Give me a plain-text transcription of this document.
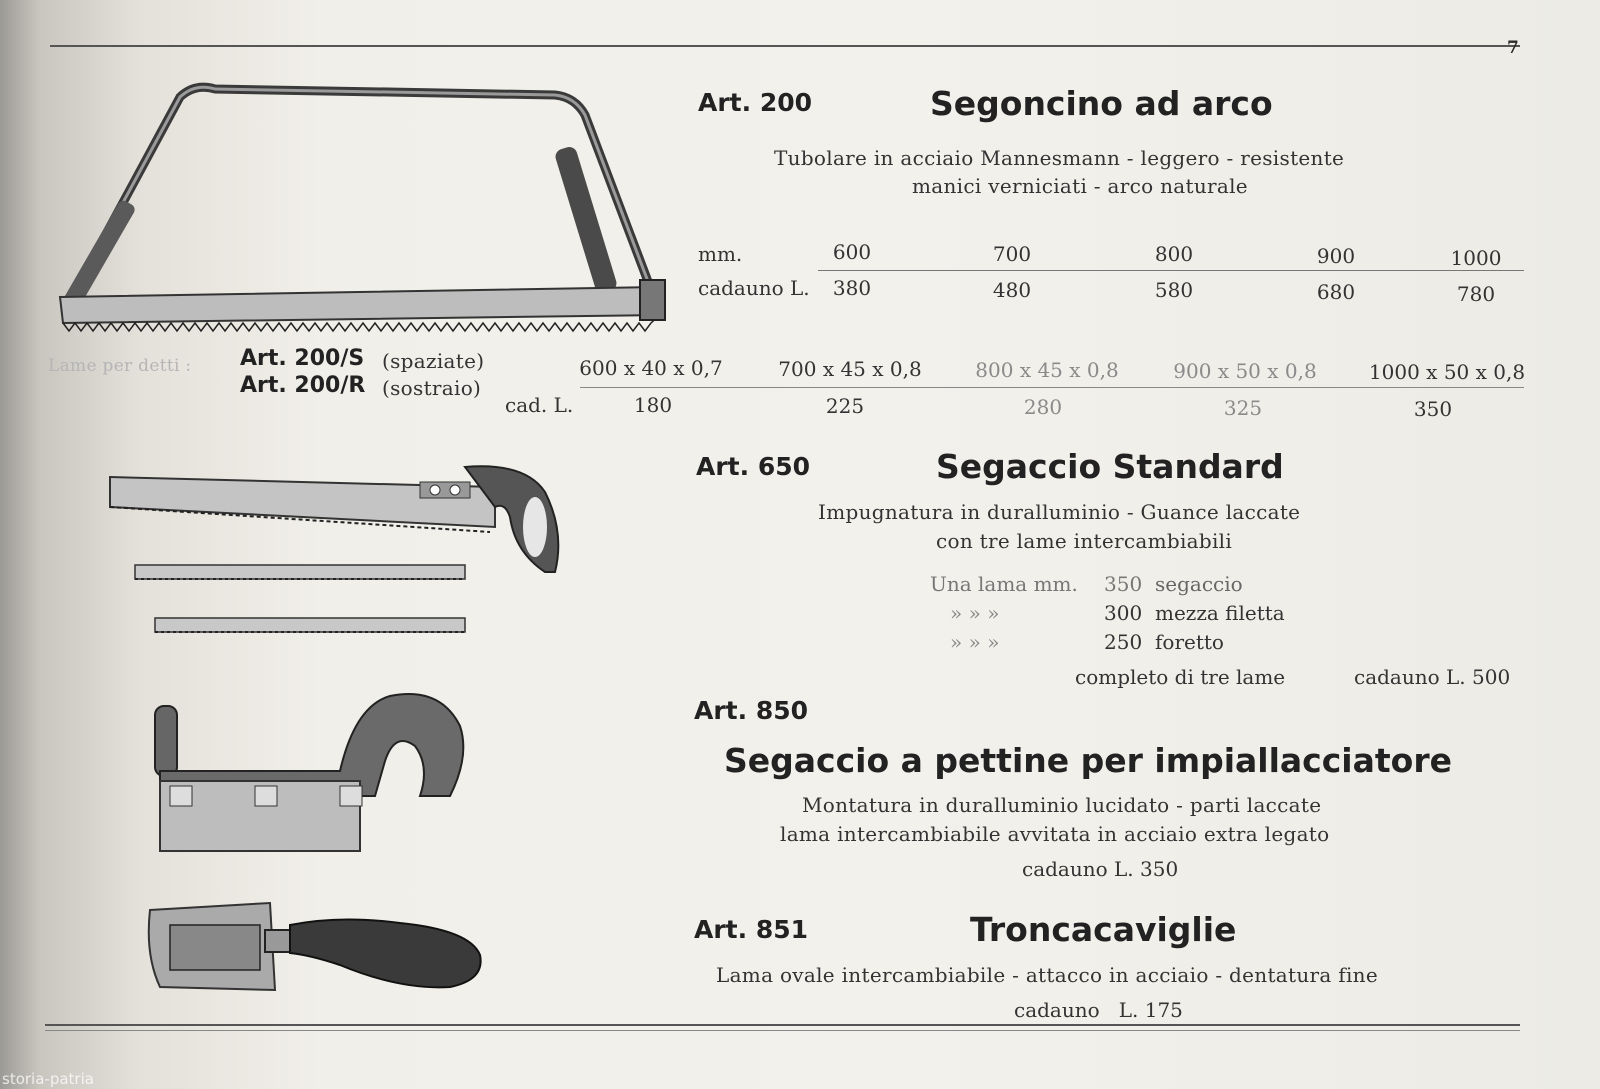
7
Art. 200	Segoncino ad arco
Tubolare in acciaio Mannesmann - leggero - resistente
manici verniciati - arco naturale
mm.	600	700	800	900	1000
cadauno L.	380	480	580	680	780
Lame per detti : Art. 200/S (spaziate)
Art. 200/R (sostraio)
600 x 40 x 0,7	700 x 45 x 0,8	800 x 45 x 0,8	900 x 50 x 0,8	1000 x 50 x 0,8
cad. L.	180	225	280	325	350
Art. 650	Segaccio Standard
Impugnatura in duralluminio - Guance laccate
con tre lame intercambiabili
Una lama mm. 350 segaccio
» » »	300 mezza filetta
» » »	250 foretto
completo di tre lame	cadauno L. 500
Art. 850
Segaccio a pettine per impiallacciatore
Montatura in duralluminio lucidato - parti laccate
lama intercambiabile avvitata in acciaio extra legato
cadauno L. 350
Art. 851	Troncacaviglie
Lama ovale intercambiabile - attacco in acciaio - dentatura fine
cadauno   L. 175
storia-patria
